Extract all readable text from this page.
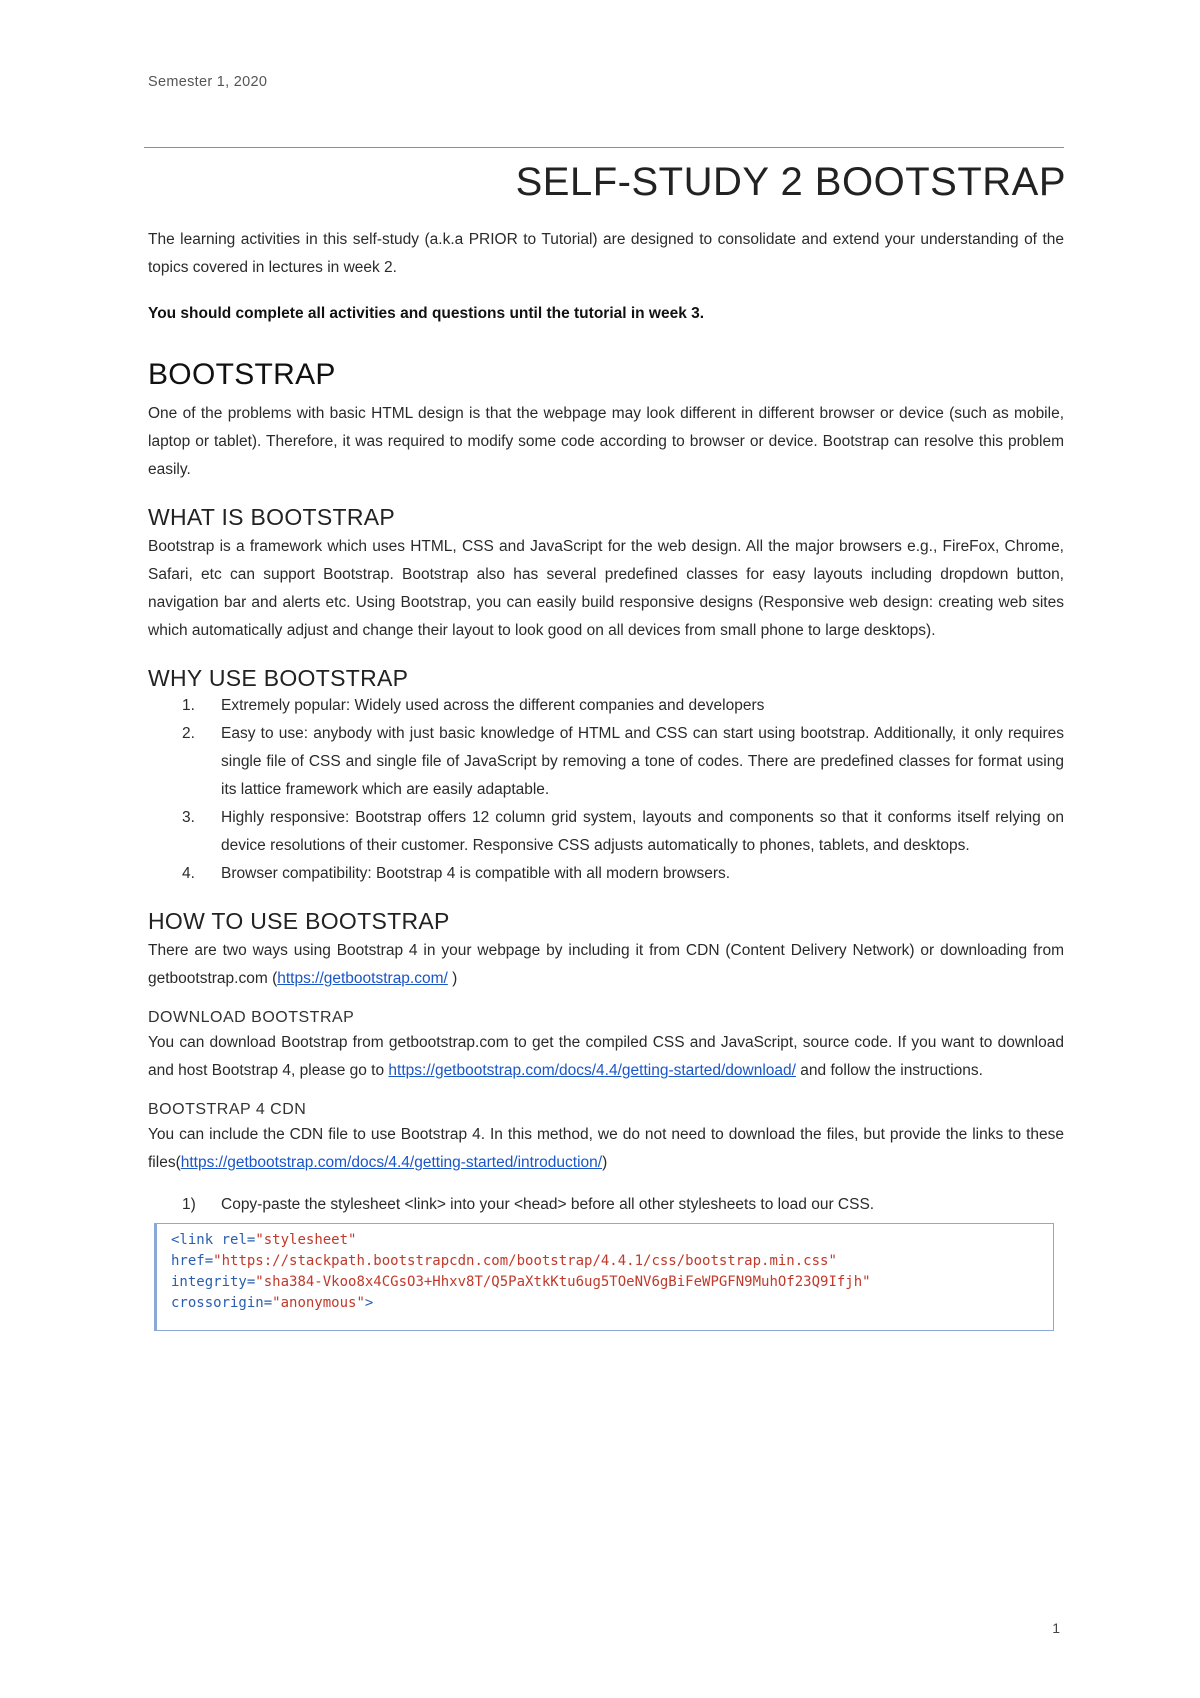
Semester 1, 2020
SELF-STUDY 2 BOOTSTRAP

The learning activities in this self-study (a.k.a PRIOR to Tutorial) are designed to consolidate and extend your understanding of the topics covered in lectures in week 2.

You should complete all activities and questions until the tutorial in week 3.

BOOTSTRAP

One of the problems with basic HTML design is that the webpage may look different in different browser or device (such as mobile, laptop or tablet). Therefore, it was required to modify some code according to browser or device. Bootstrap can resolve this problem easily.

WHAT IS BOOTSTRAP

Bootstrap is a framework which uses HTML, CSS and JavaScript for the web design. All the major browsers e.g., FireFox, Chrome, Safari, etc can support Bootstrap. Bootstrap also has several predefined classes for easy layouts including dropdown button, navigation bar and alerts etc. Using Bootstrap, you can easily build responsive designs (Responsive web design: creating web sites which automatically adjust and change their layout to look good on all devices from small phone to large desktops).

WHY USE BOOTSTRAP
1. Extremely popular: Widely used across the different companies and developers
2. Easy to use: anybody with just basic knowledge of HTML and CSS can start using bootstrap. Additionally, it only requires single file of CSS and single file of JavaScript by removing a tone of codes. There are predefined classes for format using its lattice framework which are easily adaptable.
3. Highly responsive: Bootstrap offers 12 column grid system, layouts and components so that it conforms itself relying on device resolutions of their customer. Responsive CSS adjusts automatically to phones, tablets, and desktops.
4. Browser compatibility: Bootstrap 4 is compatible with all modern browsers.
HOW TO USE BOOTSTRAP

There are two ways using Bootstrap 4 in your webpage by including it from CDN (Content Delivery Network) or downloading from getbootstrap.com (https://getbootstrap.com/ )

DOWNLOAD BOOTSTRAP

You can download Bootstrap from getbootstrap.com to get the compiled CSS and JavaScript, source code. If you want to download and host Bootstrap 4, please go to https://getbootstrap.com/docs/4.4/getting-started/download/ and follow the instructions.

BOOTSTRAP 4 CDN

You can include the CDN file to use Bootstrap 4. In this method, we do not need to download the files, but provide the links to these files(https://getbootstrap.com/docs/4.4/getting-started/introduction/)

1) Copy-paste the stylesheet <link> into your <head> before all other stylesheets to load our CSS.
<link rel="stylesheet"
href="https://stackpath.bootstrapcdn.com/bootstrap/4.4.1/css/bootstrap.min.css"
integrity="sha384-Vkoo8x4CGsO3+Hhxv8T/Q5PaXtkKtu6ug5TOeNV6gBiFeWPGFN9MuhOf23Q9Ifjh"
crossorigin="anonymous">
1
